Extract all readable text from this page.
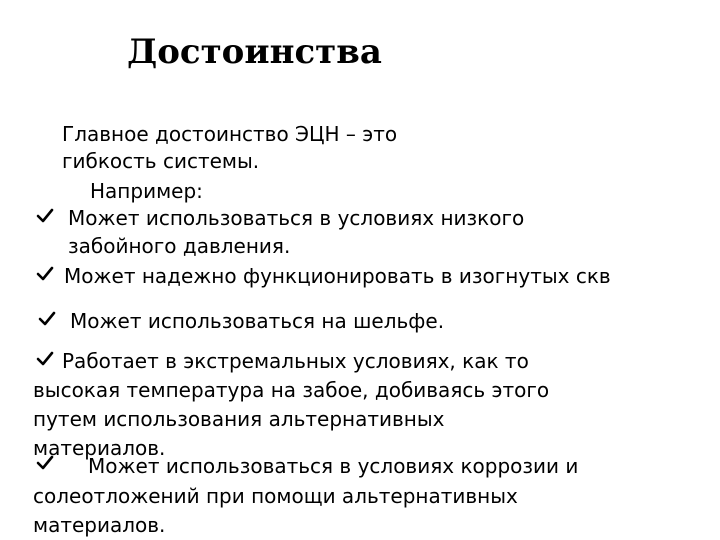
Достоинства
Главное достоинство ЭЦН – это
гибкость системы.
Например:
Может использоваться в условиях низкого
забойного давления.
Может надежно функционировать в изогнутых скв
Может использоваться на шельфе.
Работает в экстремальных условиях, как то
высокая температура на забое, добиваясь этого
путем использования альтернативных
материалов.
Может использоваться в условиях коррозии и
солеотложений при помощи альтернативных
материалов.
